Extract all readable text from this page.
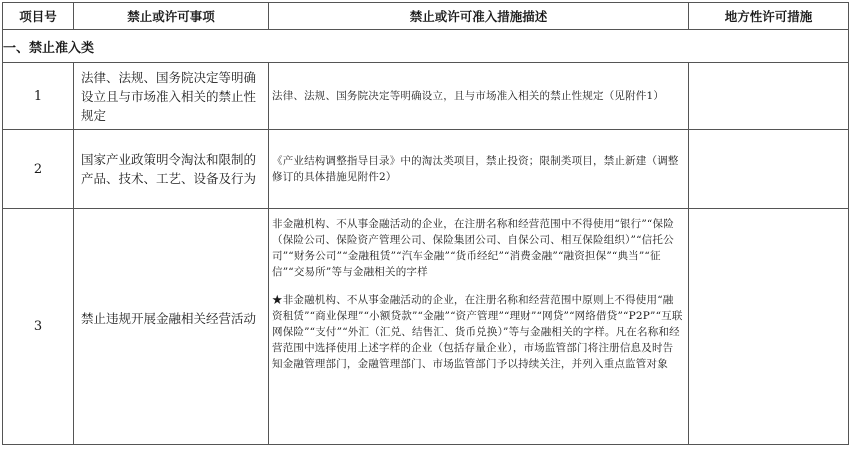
项目号	禁止或许可事项	禁止或许可准入措施描述	地方性许可措施
一、禁止准入类			
1	法律、法规、国务院决定等明确设立且与市场准入相关的禁止性规定	法律、法规、国务院决定等明确设立，且与市场准入相关的禁止性规定（见附件1）	

2	国家产业政策明令淘汰和限制的产品、技术、工艺、设备及行为	《产业结构调整指导目录》中的淘汰类项目，禁止投资；限制类项目，禁止新建（调整修订的具体措施见附件2）	

3	禁止违规开展金融相关经营活动	非金融机构、不从事金融活动的企业，在注册名称和经营范围中不得使用“银行”“保险（保险公司、保险资产管理公司、保险集团公司、自保公司、相互保险组织）”“信托公司”“财务公司”“金融租赁”“汽车金融”“货币经纪”“消费金融”“融资担保”“典当”“征信”“交易所”等与金融相关的字样

★非金融机构、不从事金融活动的企业，在注册名称和经营范围中原则上不得使用“融资租赁”“商业保理”“小额贷款”“金融”“资产管理”“理财”“网贷”“网络借贷”“P2P”“互联网保险”“支付”“外汇（汇兑、结售汇、货币兑换）”等与金融相关的字样。凡在名称和经营范围中选择使用上述字样的企业（包括存量企业），市场监管部门将注册信息及时告知金融管理部门，金融管理部门、市场监管部门予以持续关注，并列入重点监管对象	
